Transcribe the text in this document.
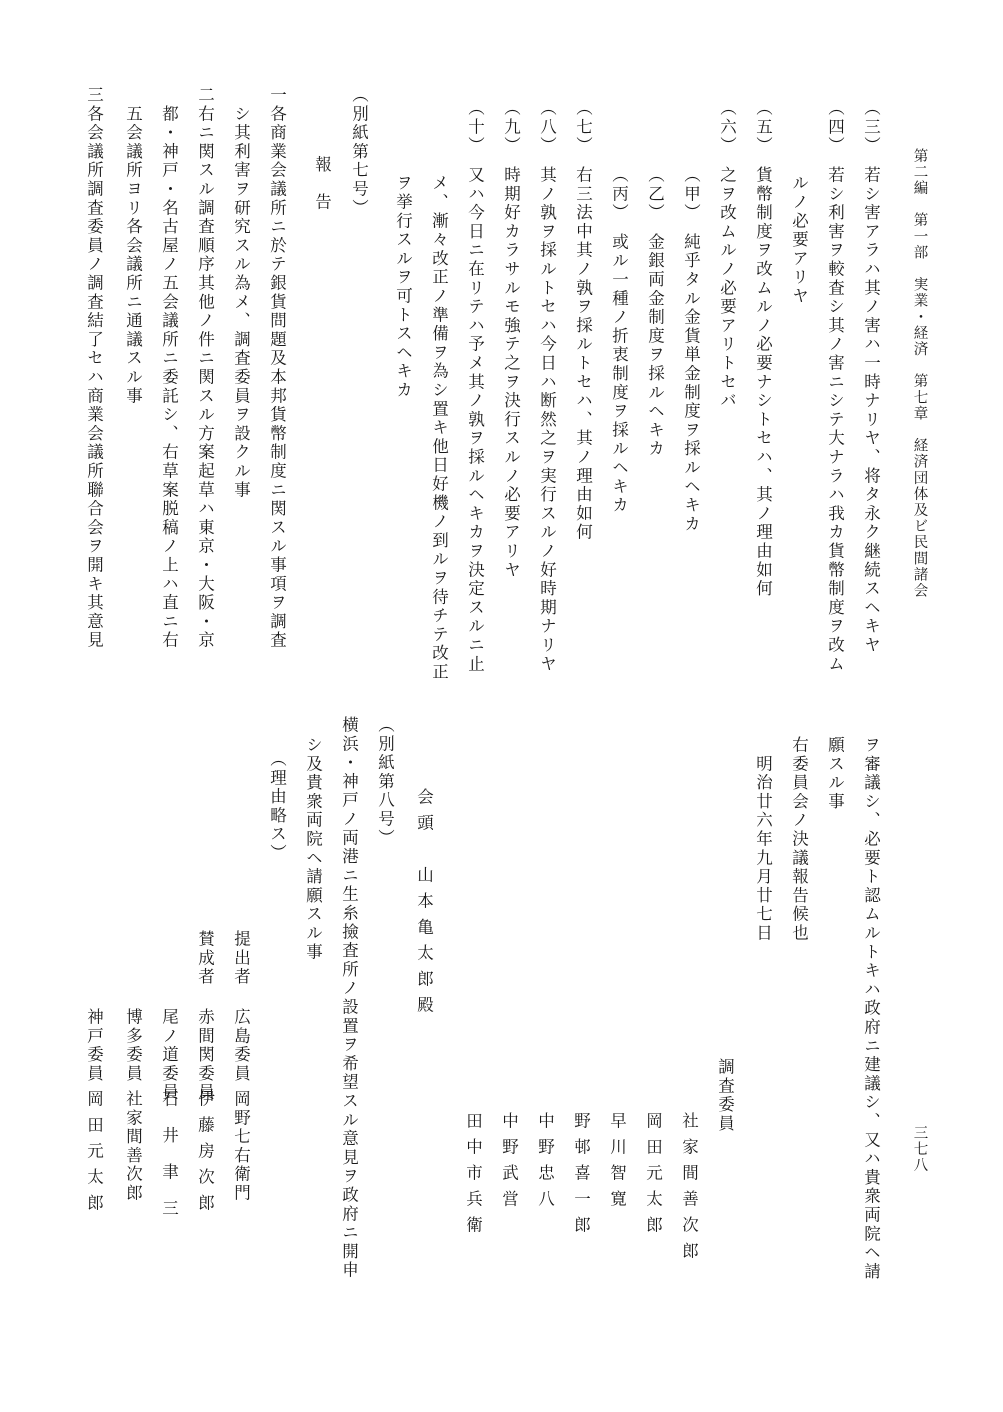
第二編　第一部　実業・経済　第七章　経済団体及ビ民間諸会
三七八
（三）　若シ害アラハ其ノ害ハ一時ナリヤ、将タ永ク継続スヘキヤ
（四）　若シ利害ヲ較査シ其ノ害ニシテ大ナラハ我カ貨幣制度ヲ改ム
　　　　ルノ必要アリヤ
（五）　貨幣制度ヲ改ムルノ必要ナシトセハ、其ノ理由如何
（六）　之ヲ改ムルノ必要アリトセバ
　　　　（甲）　純乎タル金貨単金制度ヲ採ルヘキカ
　　　　（乙）　金銀両金制度ヲ採ルヘキカ
　　　　（丙）　或ル一種ノ折衷制度ヲ採ルヘキカ
（七）　右三法中其ノ孰ヲ採ルトセハ、其ノ理由如何
（八）　其ノ孰ヲ採ルトセハ今日ハ断然之ヲ実行スルノ好時期ナリヤ
（九）　時期好カラサルモ強テ之ヲ決行スルノ必要アリヤ
（十）　又ハ今日ニ在リテハ予メ其ノ孰ヲ採ルヘキカヲ決定スルニ止
　　　　メ、漸々改正ノ準備ヲ為シ置キ他日好機ノ到ルヲ待チテ改正
　　　　ヲ挙行スルヲ可トスヘキカ
（別紙第七号）
　　　報　告
一各商業会議所ニ於テ銀貨問題及本邦貨幣制度ニ関スル事項ヲ調査
　シ其利害ヲ研究スル為メ、調査委員ヲ設クル事
二右ニ関スル調査順序其他ノ件ニ関スル方案起草ハ東京・大阪・京
　都・神戸・名古屋ノ五会議所ニ委託シ、右草案脱稿ノ上ハ直ニ右
　五会議所ヨリ各会議所ニ通議スル事
三各会議所調査委員ノ調査結了セハ商業会議所聯合会ヲ開キ其意見
ヲ審議シ、必要ト認ムルトキハ政府ニ建議シ、又ハ貴衆両院ヘ請
願スル事
右委員会ノ決議報告候也
　明治廿六年九月廿七日
調査委員
社家間善次郎
岡田元太郎
早川智寛
野邨喜一郎
中野忠八
中野武営
田中市兵衛
会頭　山本亀太郎殿
（別紙第八号）
横浜・神戸ノ両港ニ生糸撿査所ノ設置ヲ希望スル意見ヲ政府ニ開申
シ及貴衆両院ヘ請願スル事
（理由略ス）
提出者
賛成者
広島委員
岡野七右衛門
赤間関委員
伊藤房次郎
尾ノ道委員
石井聿三
博多委員
社家間善次郎
神戸委員
岡田元太郎
